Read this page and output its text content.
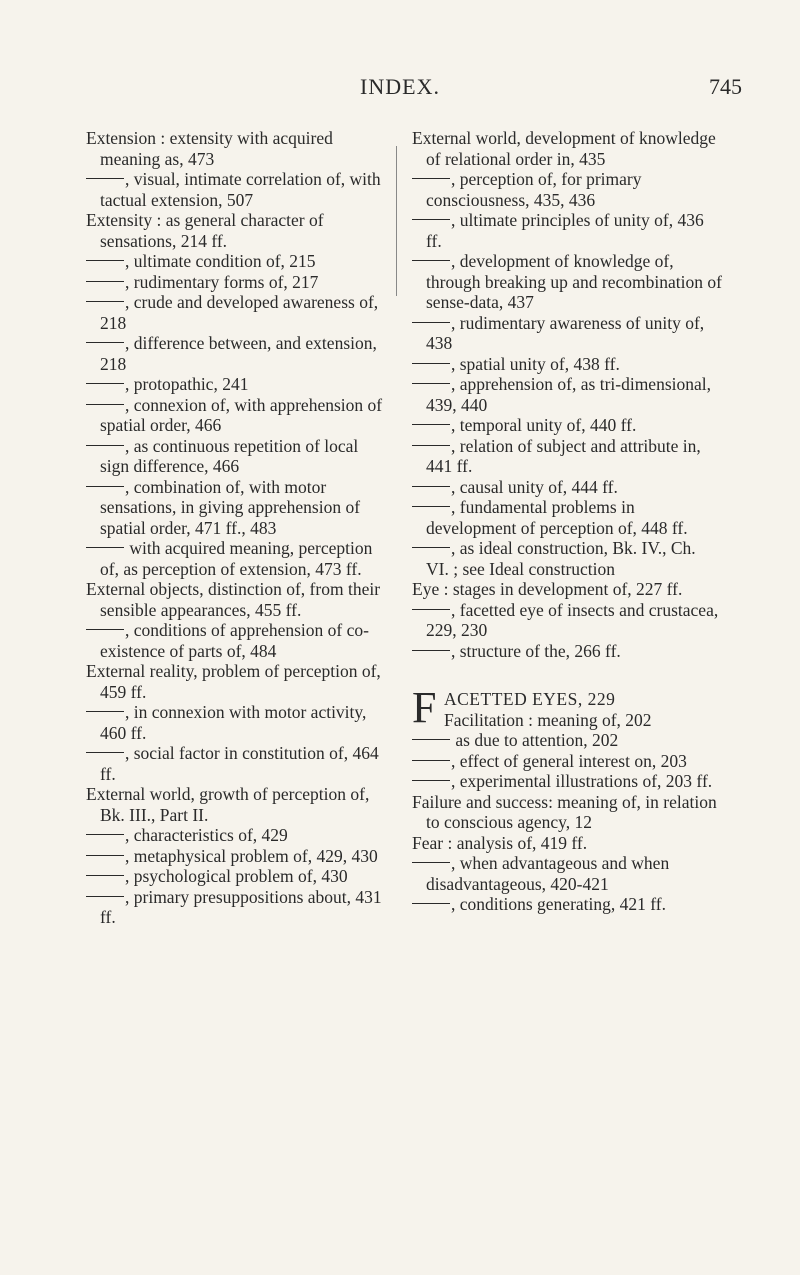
INDEX.	745

Extension : extensity with acquired meaning as, 473

, visual, intimate correlation of, with tactual extension, 507

Extensity : as general character of sensations, 214 ff.

, ultimate condition of, 215

, rudimentary forms of, 217

, crude and developed awareness of, 218

, difference between, and extension, 218

, protopathic, 241

, connexion of, with apprehension of spatial order, 466

, as continuous repetition of local sign difference, 466

, combination of, with motor sensations, in giving apprehension of spatial order, 471 ff., 483

with acquired meaning, perception of, as perception of extension, 473 ff.

External objects, distinction of, from their sensible appearances, 455 ff.

, conditions of apprehension of co-existence of parts of, 484

External reality, problem of perception of, 459 ff.

, in connexion with motor activity, 460 ff.

, social factor in constitution of, 464 ff.

External world, growth of perception of, Bk. III., Part II.

, characteristics of, 429

, metaphysical problem of, 429, 430

, psychological problem of, 430

, primary presuppositions about, 431 ff.

External world, development of knowledge of relational order in, 435

, perception of, for primary consciousness, 435, 436

, ultimate principles of unity of, 436 ff.

, development of knowledge of, through breaking up and recombination of sense-data, 437

, rudimentary awareness of unity of, 438

, spatial unity of, 438 ff.

, apprehension of, as tri-dimensional, 439, 440

, temporal unity of, 440 ff.

, relation of subject and attribute in, 441 ff.

, causal unity of, 444 ff.

, fundamental problems in development of perception of, 448 ff.

, as ideal construction, Bk. IV., Ch. VI. ; see Ideal construction

Eye : stages in development of, 227 ff.

, facetted eye of insects and crustacea, 229, 230

, structure of the, 266 ff.

F ACETTED EYES, 229
Facilitation : meaning of, 202

as due to attention, 202

, effect of general interest on, 203

, experimental illustrations of, 203 ff.

Failure and success: meaning of, in relation to conscious agency, 12

Fear : analysis of, 419 ff.

, when advantageous and when disadvantageous, 420-421

, conditions generating, 421 ff.
